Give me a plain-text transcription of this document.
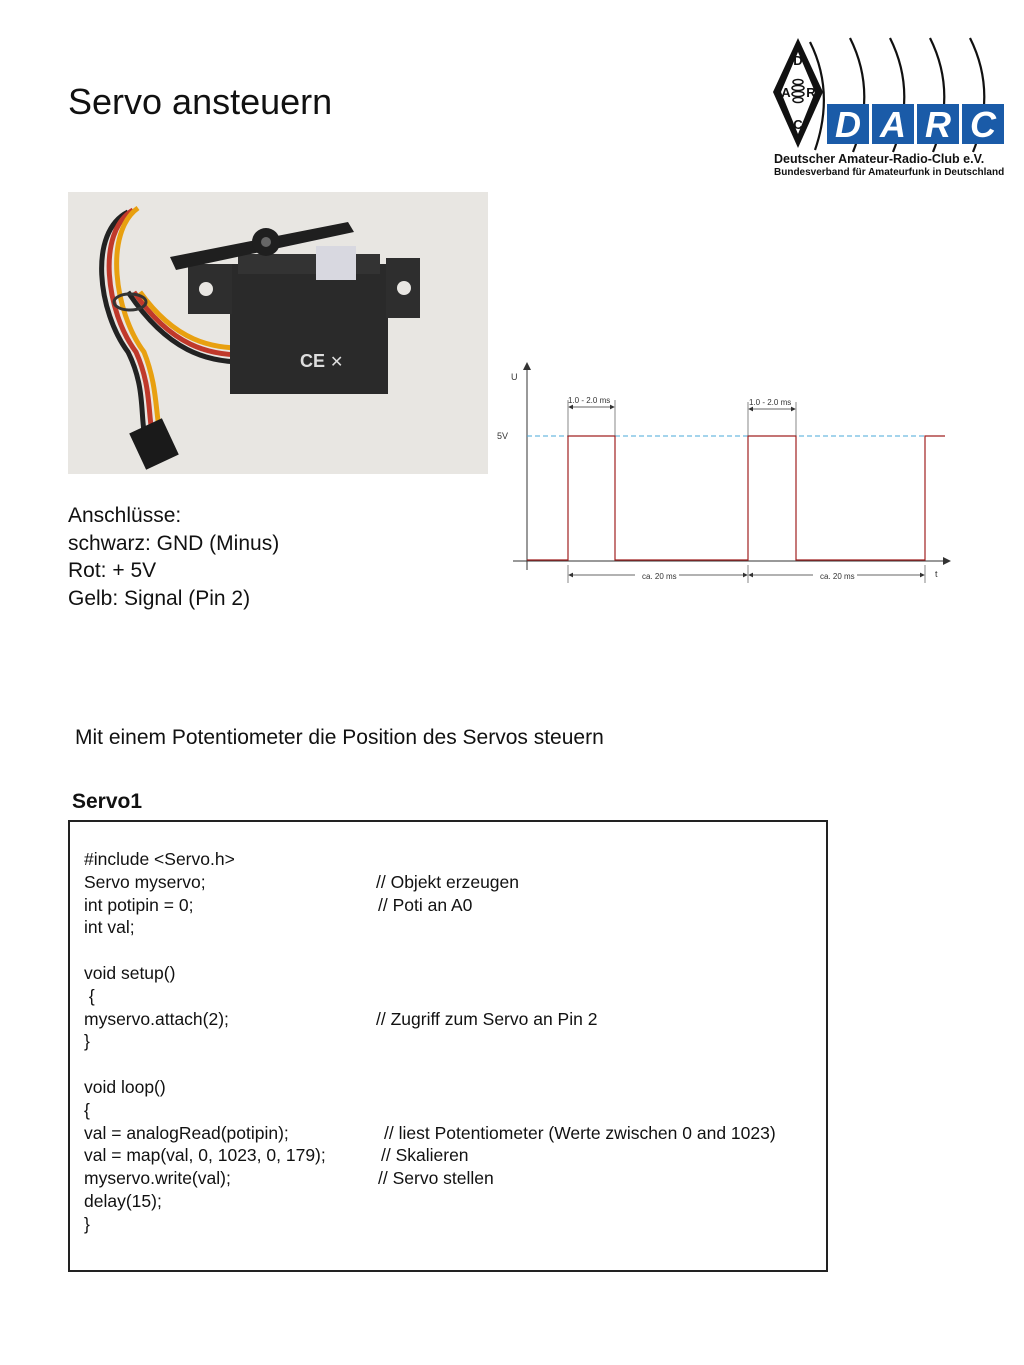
Servo ansteuern
D
A R
C D A R C
Deutscher Amateur-Radio-Club e.V.
Bundesverband für Amateurfunk in Deutschland
CE ✕
Anschlüsse:
schwarz: GND (Minus)
Rot: + 5V
Gelb: Signal (Pin 2)
U
t
5V
1.0 - 2.0 ms	1.0 - 2.0 ms
ca. 20 ms	ca. 20 ms
Mit einem Potentiometer die Position des Servos steuern
Servo1
#include <Servo.h>
Servo myservo;	// Objekt erzeugen
int potipin = 0;	// Poti an A0
int val;
void setup()
{
myservo.attach(2);	// Zugriff zum Servo an Pin 2
}
void loop()
{
val = analogRead(potipin);	// liest Potentiometer (Werte zwischen 0 and 1023)
val = map(val, 0, 1023, 0, 179);	// Skalieren
myservo.write(val);	// Servo stellen
delay(15);
}
